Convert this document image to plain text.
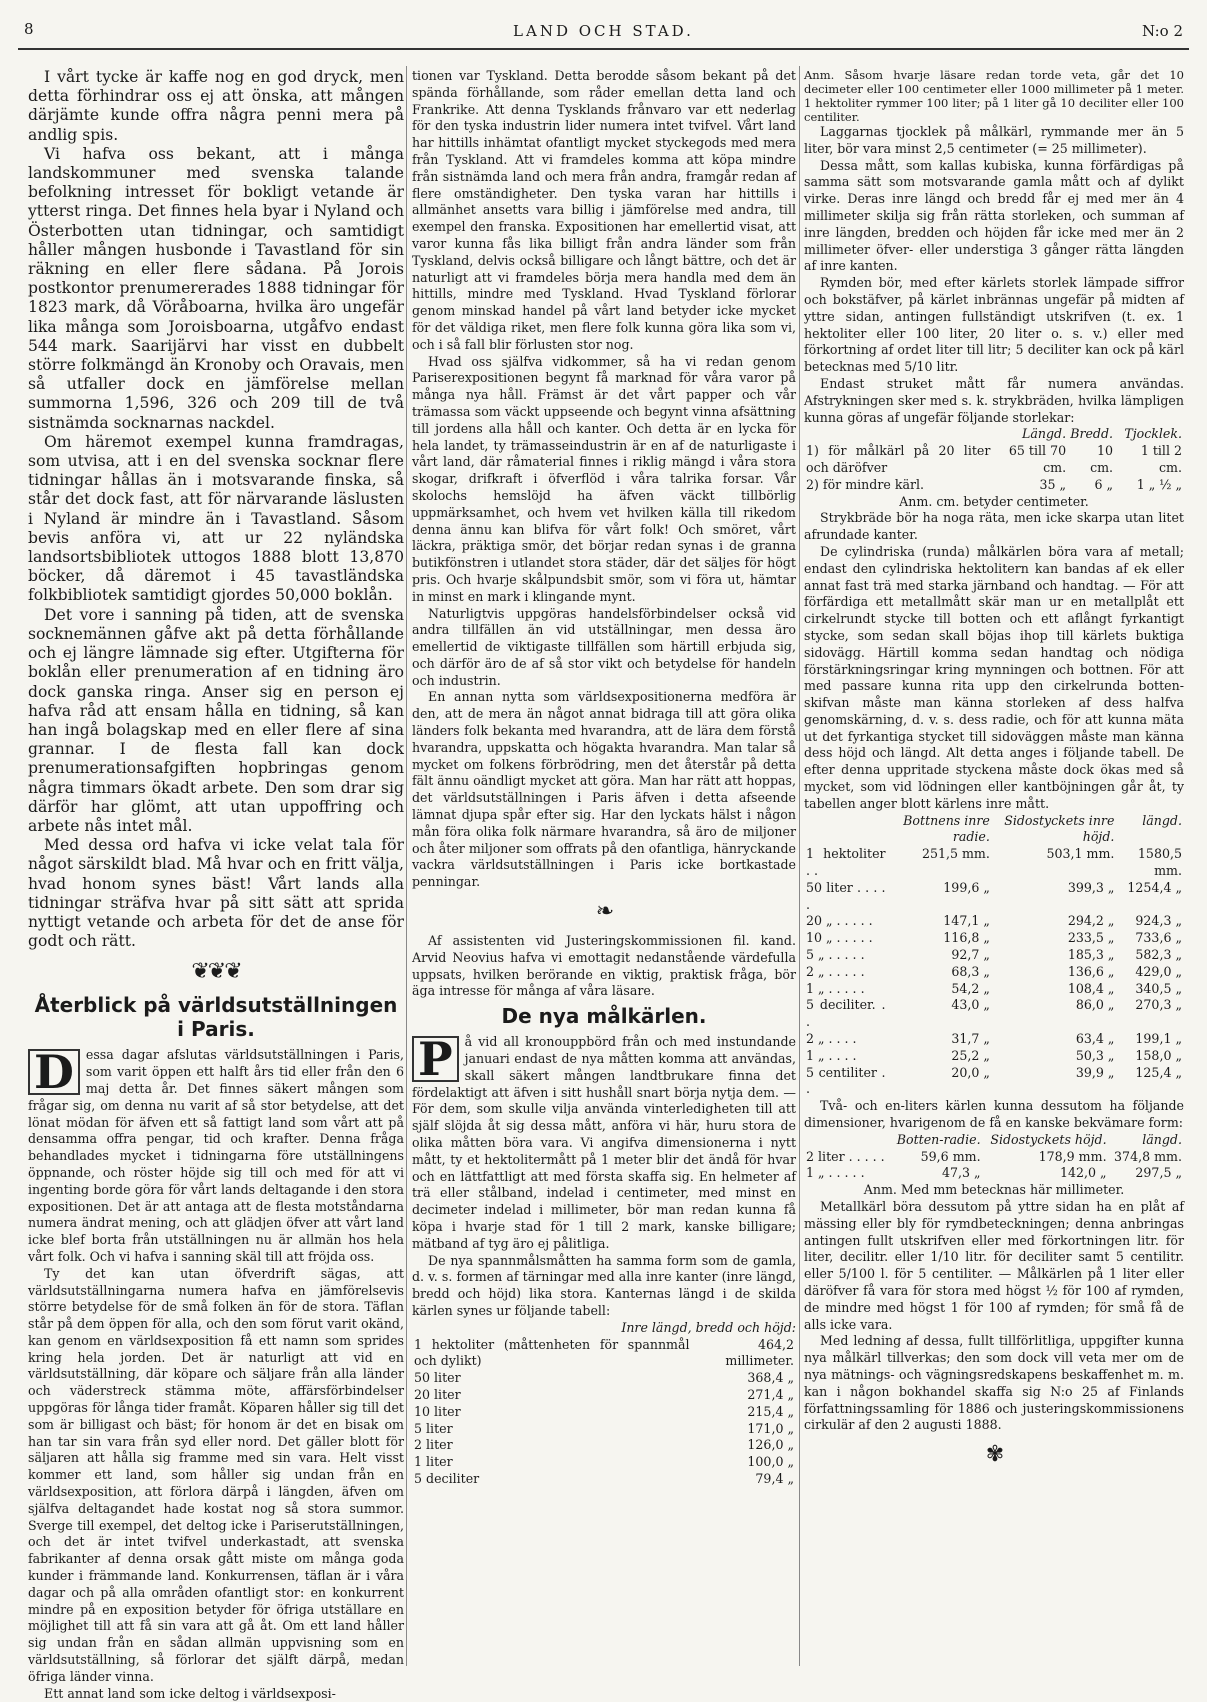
8	LAND OCH STAD.	N:o 2

I vårt tycke är kaffe nog en god dryck, men detta förhindrar oss ej att önska, att mången därjämte kunde offra några penni mera på andlig spis.

Vi hafva oss bekant, att i många landskommuner med svenska talande befolkning intresset för bokligt vetande är ytterst ringa. Det finnes hela byar i Nyland och Österbotten utan tidningar, och samtidigt håller mången husbonde i Tavastland för sin räkning en eller flere sådana. På Jorois postkontor prenumererades 1888 tidningar för 1823 mark, då Vöråboarna, hvilka äro ungefär lika många som Joroisboarna, utgåfvo endast 544 mark. Saarijärvi har visst en dubbelt större folkmängd än Kronoby och Oravais, men så utfaller dock en jämförelse mellan summorna 1,596, 326 och 209 till de två sistnämda socknarnas nackdel.

Om häremot exempel kunna framdragas, som utvisa, att i en del svenska socknar flere tidningar hållas än i motsvarande finska, så står det dock fast, att för närvarande läslusten i Nyland är mindre än i Tavastland. Såsom bevis anföra vi, att ur 22 nyländska landsortsbibliotek uttogos 1888 blott 13,870 böcker, då däremot i 45 tavastländska folkbibliotek samtidigt gjordes 50,000 boklån.

Det vore i sanning på tiden, att de svenska socknemännen gåfve akt på detta förhållande och ej längre lämnade sig efter. Utgifterna för boklån eller prenumeration af en tidning äro dock ganska ringa. Anser sig en person ej hafva råd att ensam hålla en tidning, så kan han ingå bolagskap med en eller flere af sina grannar. I de flesta fall kan dock prenumerationsafgiften hopbringas genom några timmars ökadt arbete. Den som drar sig därför har glömt, att utan uppoffring och arbete nås intet mål.

Med dessa ord hafva vi icke velat tala för något särskildt blad. Må hvar och en fritt välja, hvad honom synes bäst! Vårt lands alla tidningar sträfva hvar på sitt sätt att sprida nyttigt vetande och arbeta för det de anse för godt och rätt.

❦❦❦
Återblick på världsutställningen i Paris.

D essa dagar afslutas världsutställningen i Paris, som varit öppen ett halft års tid eller från den 6 maj detta år. Det finnes säkert mången som frågar sig, om denna nu varit af så stor betydelse, att det lönat mödan för äfven ett så fattigt land som vårt att på densamma offra pengar, tid och krafter. Denna fråga behandlades mycket i tidningarna före utställningens öppnande, och röster höjde sig till och med för att vi ingenting borde göra för vårt lands deltagande i den stora expositionen. Det är att antaga att de flesta motståndarna numera ändrat mening, och att glädjen öfver att vårt land icke blef borta från utställningen nu är allmän hos hela vårt folk. Och vi hafva i sanning skäl till att fröjda oss.

Ty det kan utan öfverdrift sägas, att världsutställningarna numera hafva en jämförelsevis större betydelse för de små folken än för de stora. Täflan står på dem öppen för alla, och den som förut varit okänd, kan genom en världsexposition få ett namn som sprides kring hela jorden. Det är naturligt att vid en världsutställning, där köpare och säljare från alla länder och väderstreck stämma möte, affärsförbindelser uppgöras för långa tider framåt. Köparen håller sig till det som är billigast och bäst; för honom är det en bisak om han tar sin vara från syd eller nord. Det gäller blott för säljaren att hålla sig framme med sin vara. Helt visst kommer ett land, som håller sig undan från en världsexposition, att förlora därpå i längden, äfven om själfva deltagandet hade kostat nog så stora summor. Sverge till exempel, det deltog icke i Pariserutställningen, och det är intet tvifvel underkastadt, att svenska fabrikanter af denna orsak gått miste om många goda kunder i främmande land. Konkurrensen, täflan är i våra dagar och på alla områden ofantligt stor: en konkurrent mindre på en exposition betyder för öfriga utställare en möjlighet till att få sin vara att gå åt. Om ett land håller sig undan från en sådan allmän uppvisning som en världsutställning, så förlorar det själft därpå, medan öfriga länder vinna.

Ett annat land som icke deltog i världsexposi-

tionen var Tyskland. Detta berodde såsom bekant på det spända förhållande, som råder emellan detta land och Frankrike. Att denna Tysklands frånvaro var ett nederlag för den tyska industrin lider numera intet tvifvel. Vårt land har hittills inhämtat ofantligt mycket styckegods med mera från Tyskland. Att vi framdeles komma att köpa mindre från sistnämda land och mera från andra, framgår redan af flere omständigheter. Den tyska varan har hittills i allmänhet ansetts vara billig i jämförelse med andra, till exempel den franska. Expositionen har emellertid visat, att varor kunna fås lika billigt från andra länder som från Tyskland, delvis också billigare och långt bättre, och det är naturligt att vi framdeles börja mera handla med dem än hittills, mindre med Tyskland. Hvad Tyskland förlorar genom minskad handel på vårt land betyder icke mycket för det väldiga riket, men flere folk kunna göra lika som vi, och i så fall blir förlusten stor nog.

Hvad oss själfva vidkommer, så ha vi redan genom Pariserexpositionen begynt få marknad för våra varor på många nya håll. Främst är det vårt papper och vår trämassa som väckt uppseende och begynt vinna afsättning till jordens alla håll och kanter. Och detta är en lycka för hela landet, ty trämasseindustrin är en af de naturligaste i vårt land, där råmaterial finnes i riklig mängd i våra stora skogar, drifkraft i öfverflöd i våra talrika forsar. Vår skolochs hemslöjd ha äfven väckt tillbörlig uppmärksamhet, och hvem vet hvilken källa till rikedom denna ännu kan blifva för vårt folk! Och smöret, vårt läckra, präktiga smör, det börjar redan synas i de granna butikfönstren i utlandet stora städer, där det säljes för högt pris. Och hvarje skålpundsbit smör, som vi föra ut, hämtar in minst en mark i klingande mynt.

Naturligtvis uppgöras handelsförbindelser också vid andra tillfällen än vid utställningar, men dessa äro emellertid de viktigaste tillfällen som härtill erbjuda sig, och därför äro de af så stor vikt och betydelse för handeln och industrin.

En annan nytta som världsexpositionerna medföra är den, att de mera än något annat bidraga till att göra olika länders folk bekanta med hvarandra, att de lära dem förstå hvarandra, uppskatta och högakta hvarandra. Man talar så mycket om folkens förbrödring, men det återstår på detta fält ännu oändligt mycket att göra. Man har rätt att hoppas, det världsutställningen i Paris äfven i detta afseende lämnat djupa spår efter sig. Har den lyckats hälst i någon mån föra olika folk närmare hvarandra, så äro de miljoner och åter miljoner som offrats på den ofantliga, hänryckande vackra världsutställningen i Paris icke bortkastade penningar.

❧

Af assistenten vid Justeringskommissionen fil. kand. Arvid Neovius hafva vi emottagit nedanstående värdefulla uppsats, hvilken berörande en viktig, praktisk fråga, bör äga intresse för många af våra läsare.

De nya målkärlen.

P å vid all kronouppbörd från och med instundande januari endast de nya måtten komma att användas, skall säkert mången landtbrukare finna det fördelaktigt att äfven i sitt hushåll snart börja nytja dem. — För dem, som skulle vilja använda vinterledigheten till att själf slöjda åt sig dessa mått, anföra vi här, huru stora de olika måtten böra vara. Vi angifva dimensionerna i nytt mått, ty et hektolitermått på 1 meter blir det ändå för hvar och en lättfattligt att med första skaffa sig. En helmeter af trä eller stålband, indelad i centimeter, med minst en decimeter indelad i millimeter, bör man redan kunna få köpa i hvarje stad för 1 till 2 mark, kanske billigare; mätband af tyg äro ej pålitliga.

De nya spannmålsmåtten ha samma form som de gamla, d. v. s. formen af tärningar med alla inre kanter (inre längd, bredd och höjd) lika stora. Kanternas längd i de skilda kärlen synes ur följande tabell:

Inre längd, bredd och höjd:

1 hektoliter (måttenheten för spannmål och dylikt)	464,2 millimeter.
50 liter	368,4 „
20 liter	271,4 „
10 liter	215,4 „
5 liter	171,0 „
2 liter	126,0 „
1 liter	100,0 „
5 deciliter	79,4 „

Anm. Såsom hvarje läsare redan torde veta, går det 10 decimeter eller 100 centimeter eller 1000 millimeter på 1 meter. 1 hektoliter rymmer 100 liter; på 1 liter gå 10 deciliter eller 100 centiliter.

Laggarnas tjocklek på målkärl, rymmande mer än 5 liter, bör vara minst 2,5 centimeter (= 25 millimeter).

Dessa mått, som kallas kubiska, kunna förfärdigas på samma sätt som motsvarande gamla mått och af dylikt virke. Deras inre längd och bredd får ej med mer än 4 millimeter skilja sig från rätta storleken, och summan af inre längden, bredden och höjden får icke med mer än 2 millimeter öfver- eller understiga 3 gånger rätta längden af inre kanten.

Rymden bör, med efter kärlets storlek lämpade siffror och bokstäfver, på kärlet inbrännas ungefär på midten af yttre sidan, antingen fullständigt utskrifven (t. ex. 1 hektoliter eller 100 liter, 20 liter o. s. v.) eller med förkortning af ordet liter till litr; 5 deciliter kan ock på kärl betecknas med 5/10 litr.

Endast struket mått får numera användas. Afstrykningen sker med s. k. strykbräden, hvilka lämpligen kunna göras af ungefär följande storlekar:

	Längd.	Bredd.	Tjocklek.
1) för målkärl på 20 liter och däröfver	65 till 70 cm.	10 cm.	1 till 2 cm.
2) för mindre kärl.	35 „	6 „	1 „ ½ „

Anm. cm. betyder centimeter.

Strykbräde bör ha noga räta, men icke skarpa utan litet afrundade kanter.

De cylindriska (runda) målkärlen böra vara af metall; endast den cylindriska hektolitern kan bandas af ek eller annat fast trä med starka järnband och handtag. — För att förfärdiga ett metallmått skär man ur en metallplåt ett cirkelrundt stycke till botten och ett aflångt fyrkantigt stycke, som sedan skall böjas ihop till kärlets buktiga sidovägg. Härtill komma sedan handtag och nödiga förstärkningsringar kring mynningen och bottnen. För att med passare kunna rita upp den cirkelrunda botten-skifvan måste man känna storleken af dess halfva genomskärning, d. v. s. dess radie, och för att kunna mäta ut det fyrkantiga stycket till sidoväggen måste man känna dess höjd och längd. Alt detta anges i följande tabell. De efter denna uppritade styckena måste dock ökas med så mycket, som vid lödningen eller kantböjningen går åt, ty tabellen anger blott kärlens inre mått.

	Bottnens inre radie.	Sidostyckets inre höjd.	längd.
1 hektoliter . .	251,5 mm.	503,1 mm.	1580,5 mm.
50 liter . . . . .	199,6 „	399,3 „	1254,4 „
20 „ . . . . .	147,1 „	294,2 „	924,3 „
10 „ . . . . .	116,8 „	233,5 „	733,6 „
5 „ . . . . .	92,7 „	185,3 „	582,3 „
2 „ . . . . .	68,3 „	136,6 „	429,0 „
1 „ . . . . .	54,2 „	108,4 „	340,5 „
5 deciliter. . .	43,0 „	86,0 „	270,3 „
2 „ . . . .	31,7 „	63,4 „	199,1 „
1 „ . . . .	25,2 „	50,3 „	158,0 „
5 centiliter . .	20,0 „	39,9 „	125,4 „

Två- och en-liters kärlen kunna dessutom ha följande dimensioner, hvarigenom de få en kanske bekvämare form:

	Botten-radie.	Sidostyckets höjd.	längd.
2 liter . . . . .	59,6 mm.	178,9 mm.	374,8 mm.
1 „ . . . . .	47,3 „	142,0 „	297,5 „

Anm. Med mm betecknas här millimeter.

Metallkärl böra dessutom på yttre sidan ha en plåt af mässing eller bly för rymdbeteckningen; denna anbringas antingen fullt utskrifven eller med förkortningen litr. för liter, decilitr. eller 1/10 litr. för deciliter samt 5 centilitr. eller 5/100 l. för 5 centiliter. — Målkärlen på 1 liter eller däröfver få vara för stora med högst ½ för 100 af rymden, de mindre med högst 1 för 100 af rymden; för små få de alls icke vara.

Med ledning af dessa, fullt tillförlitliga, uppgifter kunna nya målkärl tillverkas; den som dock vill veta mer om de nya mätnings- och vägningsredskapens beskaffenhet m. m. kan i någon bokhandel skaffa sig N:o 25 af Finlands författningssamling för 1886 och justeringskommissionens cirkulär af den 2 augusti 1888.

✾
